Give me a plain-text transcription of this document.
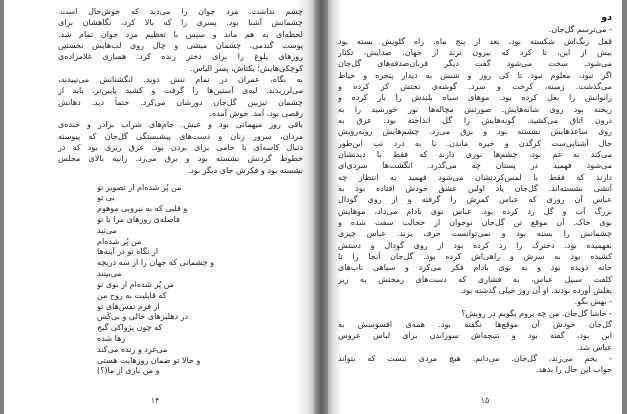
چشم نداشت. مرد جوان را می‌دید که خوش‌حال است.
چشمانش آشنا بود. پسری را که بالا کرد، نگاهشان برای
لحظه‌ای به هم ماند و سپس با تعظیم مرد جوان تمام شد.
پوست گندمی، چشمان میشی و چال روی لب‌هایش نخستین
روزهای بلوغ را برای دختر زنده کرد. همبازی غلامزاده‌ی
کوچکی‌هایش؛ بکتاش، پسر الیاس.
به نگاه، عمران در تمام تنش دوید. انگشتانش می‌تپیدند،
می‌لرزیدند. لبه‌ی آستین‌ها را گرفت و کشید پایین‌تر. باید از
چشمان تیزبین گل‌جان دورشان می‌کرد. حتماً دید. دهانش
رقصی بود، آمد. خوش آمده.
باقی روز میهمانی بود و عیش. جام‌های شراب برادر و خنده‌ی
مردان، سرور زنان و دست‌های پیشبستگی گل‌جان که پیوسته
دنبال کاسه‌ای یا جامی برای بردن بود. عرق ریزی بود که در
خطوط گردنش نشسته بود و برق می‌زد. زانیه بالای مجلس
نشسته بود و فکرش جای دیگر بود.
من پُر شده‌ام از تصویر تو
بی تو
و قلبی که به نیرویی موهوم
فاصله‌ی روزهای مرا با تو
می‌تپد
من پُر شده‌ام
از نگاه تو در آینه‌ها
و چشمانی که جهان را از سه دریچه
می‌بینند
من پُر شده‌ام از بوی تو
که قابلیت به روح من
از فرم نفس‌های تو
در دهلیزهای خالی و بی‌کَس
که چون پژواکی گیج
رها شده
می‌غرد و زنده می‌کند
و حالا تو ضمان روزهایت هستی
و من باری از ما(؟)
۱۴
دو
- می‌ترسم گل‌جان.
قفل زنگ‌اش شکسته بود، بعد از پنج ماه. راه گلویش بسته بود
بیش از این، تا کرد که بیرون نزند از جهان. صدایش، تکثار
می‌شود. سخت می‌شود گفت دیگر قربان‌صدقه‌های گل‌جان
اگر نبود، معلوم نبود تا کی روز و شبش به دیدار پنجره و حیاط
می‌گذشت. زمینه، کرخت و سرد. گوشه‌ی تختش کز کرده و
زانوانش را بغل کرده بود. موهای سیاه بلندش را باز کرده و
ریخته بود روی شانه‌هایش. صورتش مچاله‌ها نور خورشید را به
درون اتاق می‌کشید. گونه‌هایش را گل انداخته بود. عرق به
روی ساعدهایش نشسته بود و برق می‌زد. چشم‌هایش روبه‌رویش
حال آشنایی‌ست کرگدن و خیره ماندن. تا به درد تب این‌طور
می‌کند نه غم بود، چشم‌ها نوری دارند که فقط با دیدنشان
می‌شود فهمید در پستان چه می‌گذرد. انگشت‌ها سردی‌ای
دارند که فقط با لمس‌کردنشان می‌شود فهمید به انتظار چه
آتشی نشسته‌اند. گل‌جان یاد اولین عشق خودش افتاده بود به
عباس آن روزی که عباس کمرش را گرفته و از روی گودال
بزرگ آب و گل رد کرده بود. عباس بوی بادام می‌داد، موهایش
بوی خاک. آن موقع تن گل‌جان نوجوان از خجالت سفت شده و
چشمانش را بسته بود و نمی‌توانست حرف بزند. عباس چیزی
نفهمیده بود. دخترک را رد کرده بود از روی گودال و دستش
کشیده بود به سرش و راهی‌اش کرده بود. گل‌جان آنجا را تا
خانه دویده بود و به بوی بادام فکر می‌کرد و سیاهی تاب‌های
کلفت سبیل عباس، به فشاری که دست‌های زمختش به زیر
بغلش آورده بودند. او آن روز خیلی گذشته بود.
- بهش بگو.
- حاشا گل‌جان. من چه بروم بگویم در رویش؟
گل‌جان خودش آن موقع‌ها نگفته بود. همه‌ی افسوسش به
این بود، گفته بود و نتیجه‌اش سوزاندن برای لباس عروس
عباس شد.
- یخم می‌زند، گل‌جان. می‌دانم. هیچ مردی نیست که بتواند
جواب این حال را بدهد.
۱۵
